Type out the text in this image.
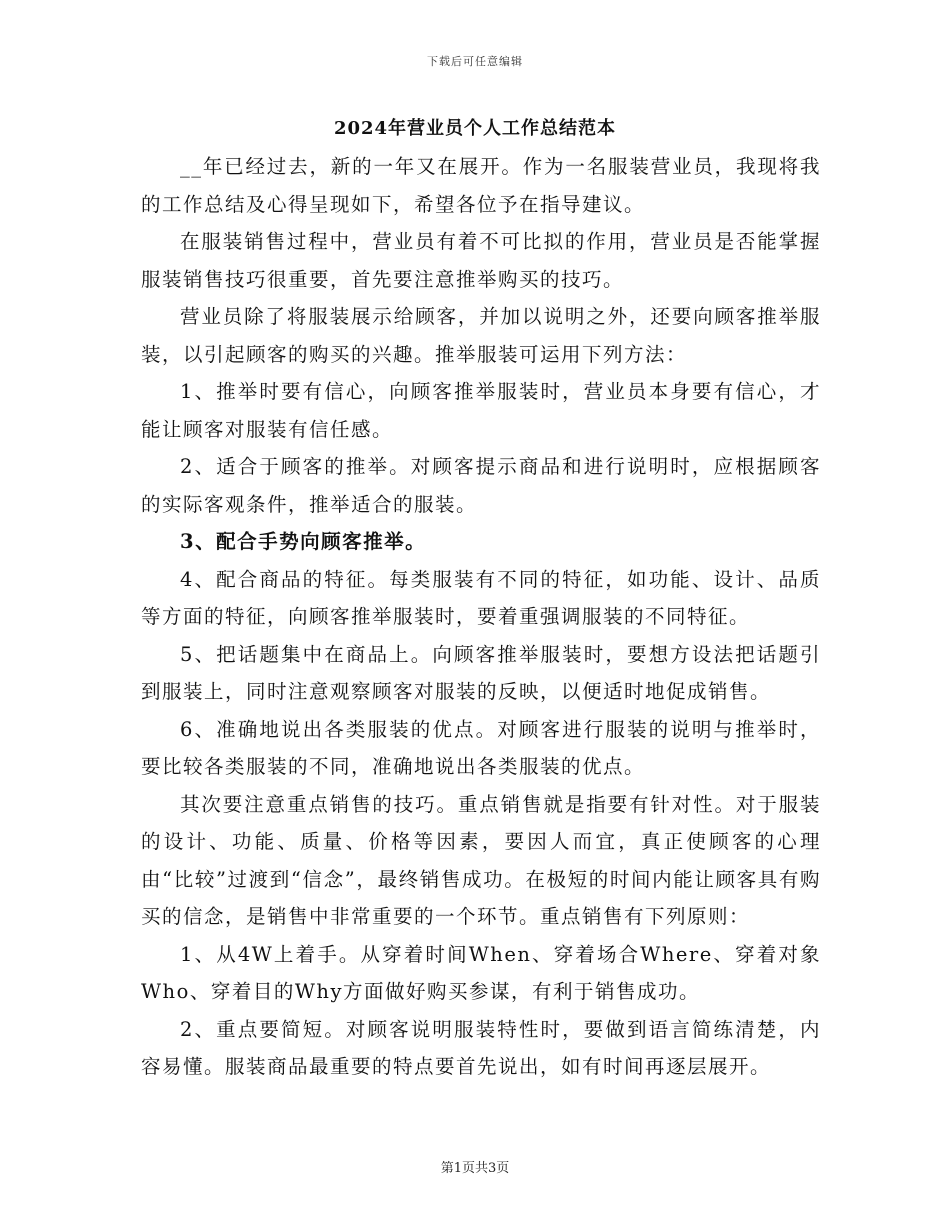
下载后可任意编辑
2024年营业员个人工作总结范本

__年已经过去，新的一年又在展开。作为一名服装营业员，我现将我的工作总结及心得呈现如下，希望各位予在指导建议。

在服装销售过程中，营业员有着不可比拟的作用，营业员是否能掌握服装销售技巧很重要，首先要注意推举购买的技巧。

营业员除了将服装展示给顾客，并加以说明之外，还要向顾客推举服装，以引起顾客的购买的兴趣。推举服装可运用下列方法：

1、推举时要有信心，向顾客推举服装时，营业员本身要有信心，才能让顾客对服装有信任感。

2、适合于顾客的推举。对顾客提示商品和进行说明时，应根据顾客的实际客观条件，推举适合的服装。

3、配合手势向顾客推举。

4、配合商品的特征。每类服装有不同的特征，如功能、设计、品质等方面的特征，向顾客推举服装时，要着重强调服装的不同特征。

5、把话题集中在商品上。向顾客推举服装时，要想方设法把话题引到服装上，同时注意观察顾客对服装的反映，以便适时地促成销售。

6、准确地说出各类服装的优点。对顾客进行服装的说明与推举时，要比较各类服装的不同，准确地说出各类服装的优点。

其次要注意重点销售的技巧。重点销售就是指要有针对性。对于服装的设计、功能、质量、价格等因素，要因人而宜，真正使顾客的心理由“比较”过渡到“信念”，最终销售成功。在极短的时间内能让顾客具有购买的信念，是销售中非常重要的一个环节。重点销售有下列原则：

1、从4W上着手。从穿着时间When、穿着场合Where、穿着对象Who、穿着目的Why方面做好购买参谋，有利于销售成功。

2、重点要简短。对顾客说明服装特性时，要做到语言简练清楚，内容易懂。服装商品最重要的特点要首先说出，如有时间再逐层展开。

第1页共3页
